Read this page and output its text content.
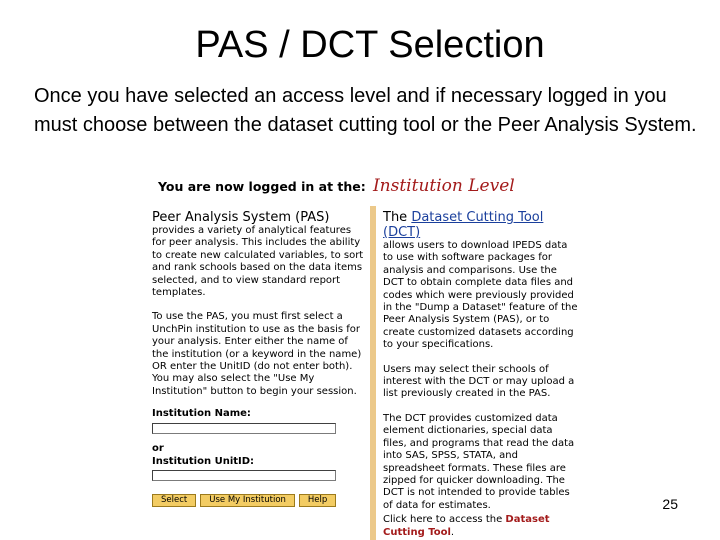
PAS / DCT Selection

Once you have selected an access level and if necessary logged in you must choose between the dataset cutting tool or the Peer Analysis System.

You are now logged in at the: Institution Level
Peer Analysis System (PAS)

provides a variety of analytical features for peer analysis. This includes the ability to create new calculated variables, to sort and rank schools based on the data items selected, and to view standard report templates.

To use the PAS, you must first select a UnchPin institution to use as the basis for your analysis. Enter either the name of the institution (or a keyword in the name) OR enter the UnitID (do not enter both). You may also select the "Use My Institution" button to begin your session.

Institution Name:
or
Institution UnitID:
Select	Use My Institution	Help
The Dataset Cutting Tool (DCT)

allows users to download IPEDS data to use with software packages for analysis and comparisons. Use the DCT to obtain complete data files and codes which were previously provided in the "Dump a Dataset" feature of the Peer Analysis System (PAS), or to create customized datasets according to your specifications.

Users may select their schools of interest with the DCT or may upload a list previously created in the PAS.

The DCT provides customized data element dictionaries, special data files, and programs that read the data into SAS, SPSS, STATA, and spreadsheet formats. These files are zipped for quicker downloading. The DCT is not intended to provide tables of data for estimates.

Click here to access the Dataset Cutting Tool.
25
